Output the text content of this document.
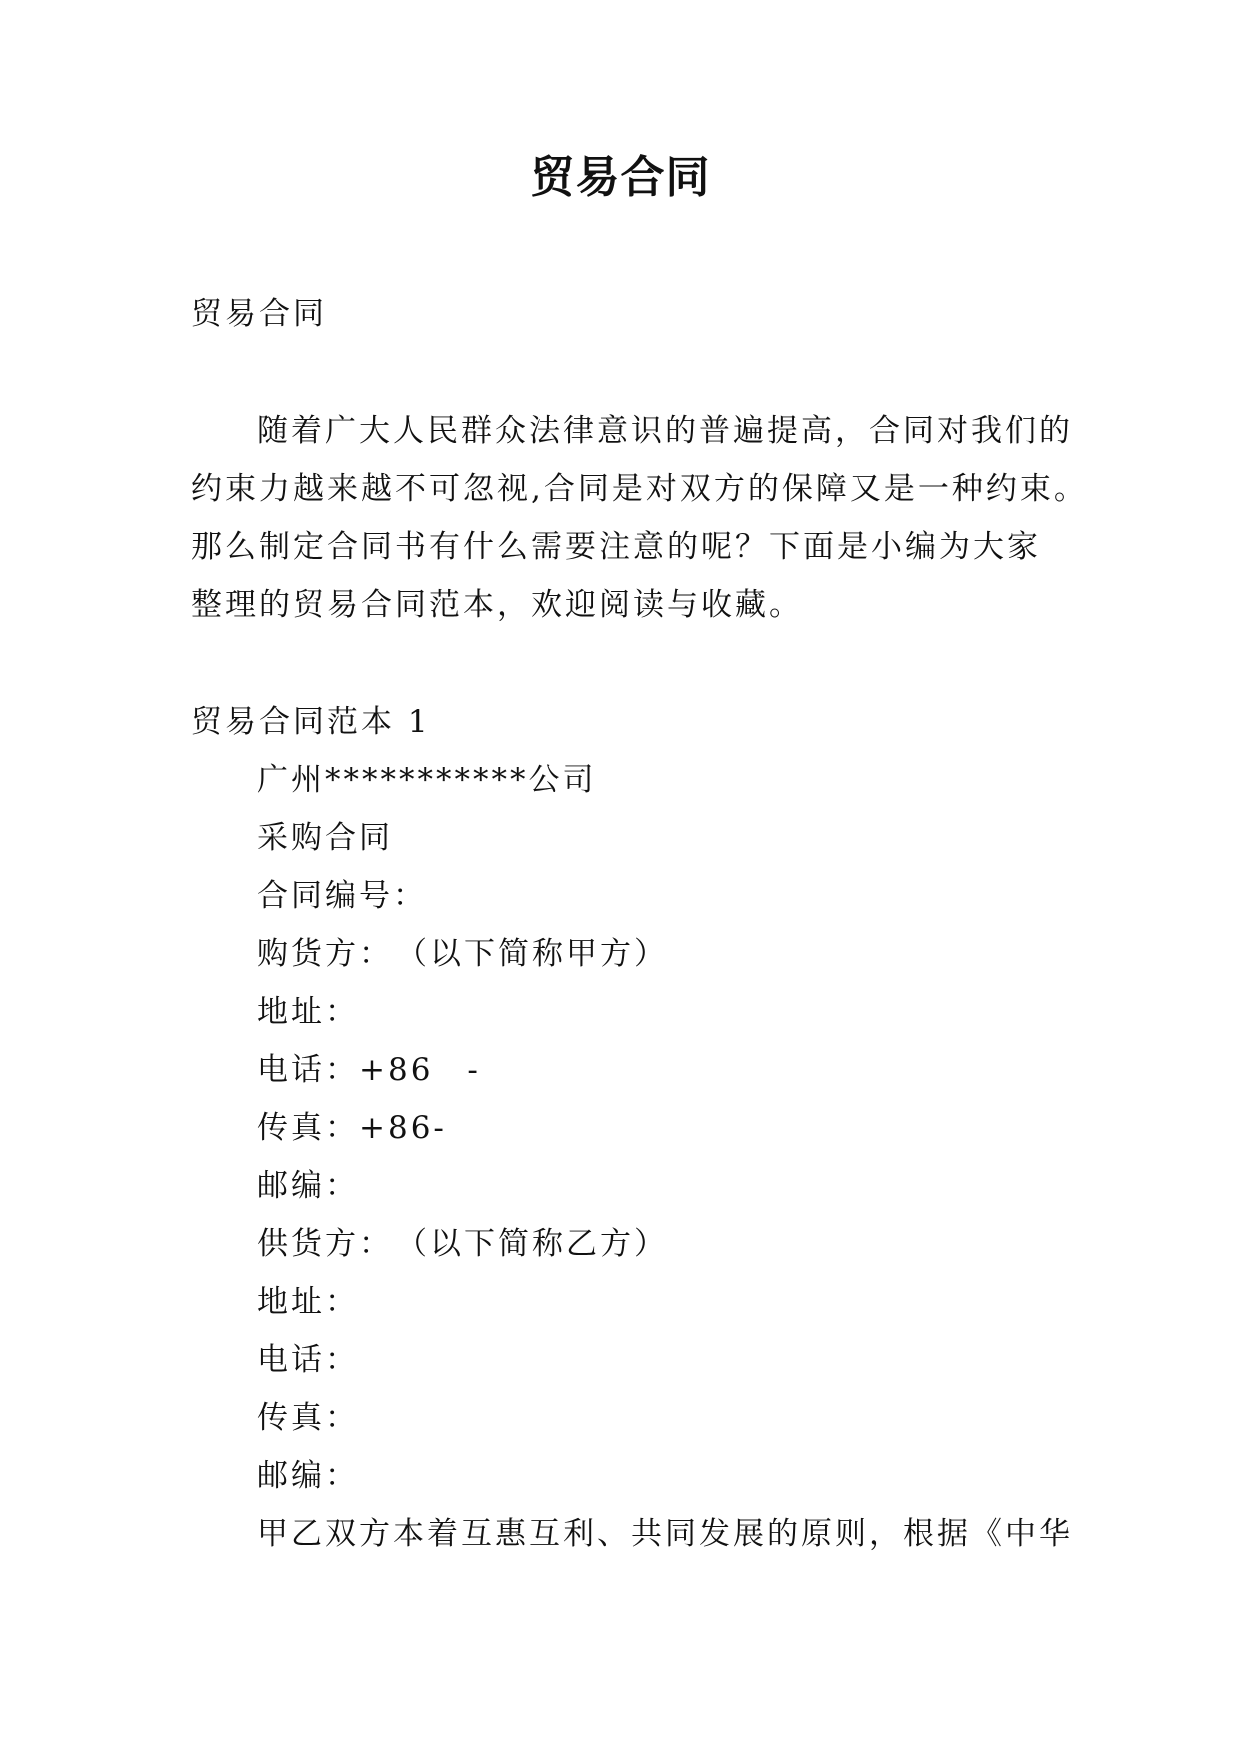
贸易合同
贸易合同
随着广大人民群众法律意识的普遍提高，合同对我们的
约束力越来越不可忽视,合同是对双方的保障又是一种约束。
那么制定合同书有什么需要注意的呢？下面是小编为大家
整理的贸易合同范本，欢迎阅读与收藏。
贸易合同范本 1
广州***********公司
采购合同
合同编号：
购货方：　（以下简称甲方）
地址：
电话：+86　-
传真：+86-
邮编：
供货方：　（以下简称乙方）
地址：
电话：
传真：
邮编：
甲乙双方本着互惠互利、共同发展的原则，根据《中华
